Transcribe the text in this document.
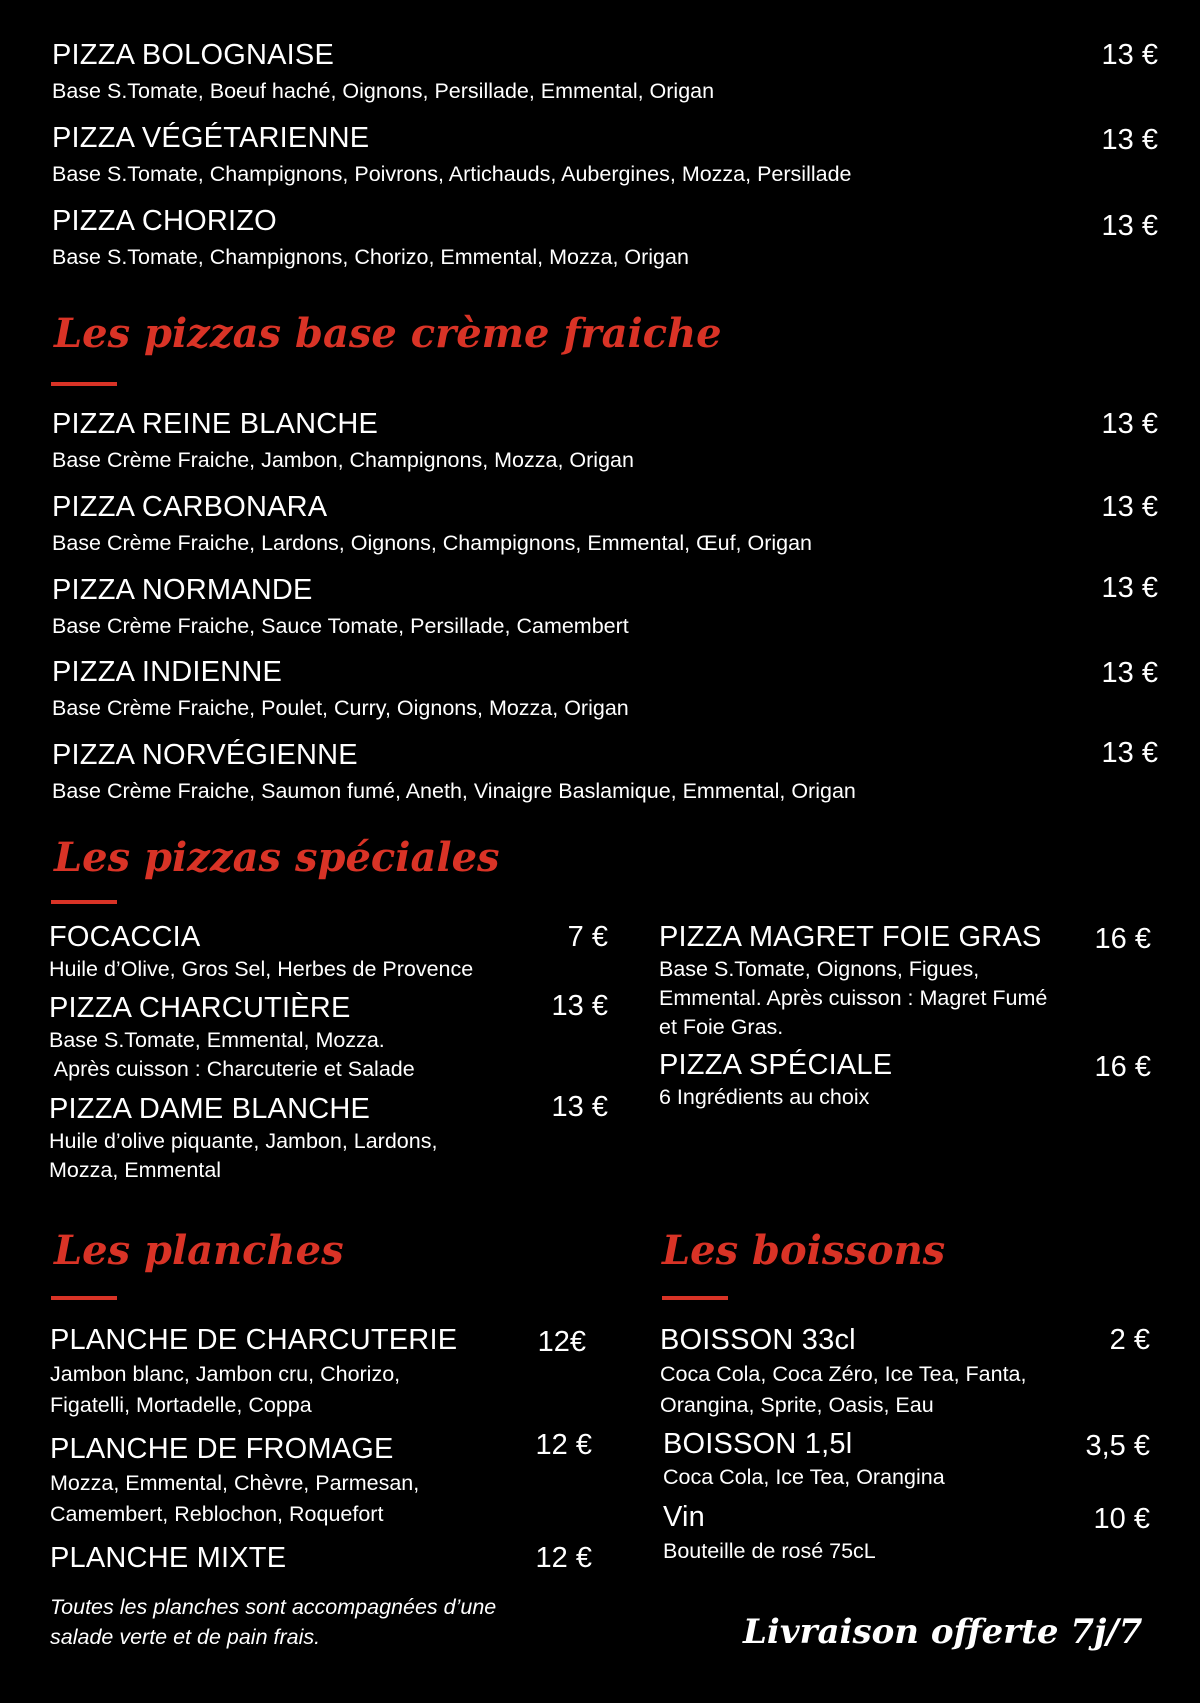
PIZZA BOLOGNAISE	13 €
Base S.Tomate, Boeuf haché, Oignons, Persillade, Emmental, Origan
PIZZA VÉGÉTARIENNE	13 €
Base S.Tomate, Champignons, Poivrons, Artichauds, Aubergines, Mozza, Persillade
PIZZA CHORIZO	13 €
Base S.Tomate, Champignons, Chorizo, Emmental, Mozza, Origan
Les pizzas base crème fraiche
PIZZA REINE BLANCHE	13 €
Base Crème Fraiche, Jambon, Champignons, Mozza, Origan
PIZZA CARBONARA	13 €
Base Crème Fraiche, Lardons, Oignons, Champignons, Emmental, Œuf, Origan
PIZZA NORMANDE	13 €
Base Crème Fraiche, Sauce Tomate, Persillade, Camembert
PIZZA INDIENNE	13 €
Base Crème Fraiche, Poulet, Curry, Oignons, Mozza, Origan
PIZZA NORVÉGIENNE	13 €
Base Crème Fraiche, Saumon fumé, Aneth, Vinaigre Baslamique, Emmental, Origan
Les pizzas spéciales
FOCACCIA	7 €
Huile d’Olive, Gros Sel, Herbes de Provence
PIZZA CHARCUTIÈRE	13 €
Base S.Tomate, Emmental, Mozza.
Après cuisson : Charcuterie et Salade
PIZZA DAME BLANCHE	13 €
Huile d’olive piquante, Jambon, Lardons,
Mozza, Emmental
PIZZA MAGRET FOIE GRAS 16 €
Base S.Tomate, Oignons, Figues,
Emmental. Après cuisson : Magret Fumé
et Foie Gras.
PIZZA SPÉCIALE	16 €
6 Ingrédients au choix
Les planches
PLANCHE DE CHARCUTERIE	12€
Jambon blanc, Jambon cru, Chorizo,
Figatelli, Mortadelle, Coppa
PLANCHE DE FROMAGE	12 €
Mozza, Emmental, Chèvre, Parmesan,
Camembert, Reblochon, Roquefort
PLANCHE MIXTE	12 €
Toutes les planches sont accompagnées d’une
salade verte et de pain frais.
Les boissons
BOISSON 33cl	2 €
Coca Cola, Coca Zéro, Ice Tea, Fanta,
Orangina, Sprite, Oasis, Eau
BOISSON 1,5l	3,5 €
Coca Cola, Ice Tea, Orangina
Vin	10 €
Bouteille de rosé 75cL
Livraison offerte 7j/7
